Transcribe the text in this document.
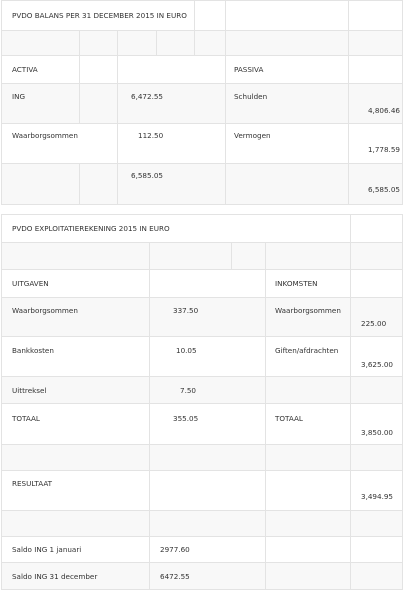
PVDO BALANS PER 31 DECEMBER 2015 IN EURO						

ACTIVA					PASSIVA	

ING		6,472.55			Schulden	4,806.46

Waarborgsommen		112.50			Vermogen	1,778.59

		6,585.05				6,585.05
PVDO EXPLOITATIEREKENING 2015 IN EURO				

UITGAVEN			INKOMSTEN	

Waarborgsommen	337.50		Waarborgsommen	225.00

Bankkosten	10.05		Giften/afdrachten	3,625.00

Uittreksel	7.50			

TOTAAL	355.05		TOTAAL	3,850.00

RESULTAAT				3,494.95

Saldo ING 1 januari	2977.60			

Saldo ING 31 december	6472.55			
